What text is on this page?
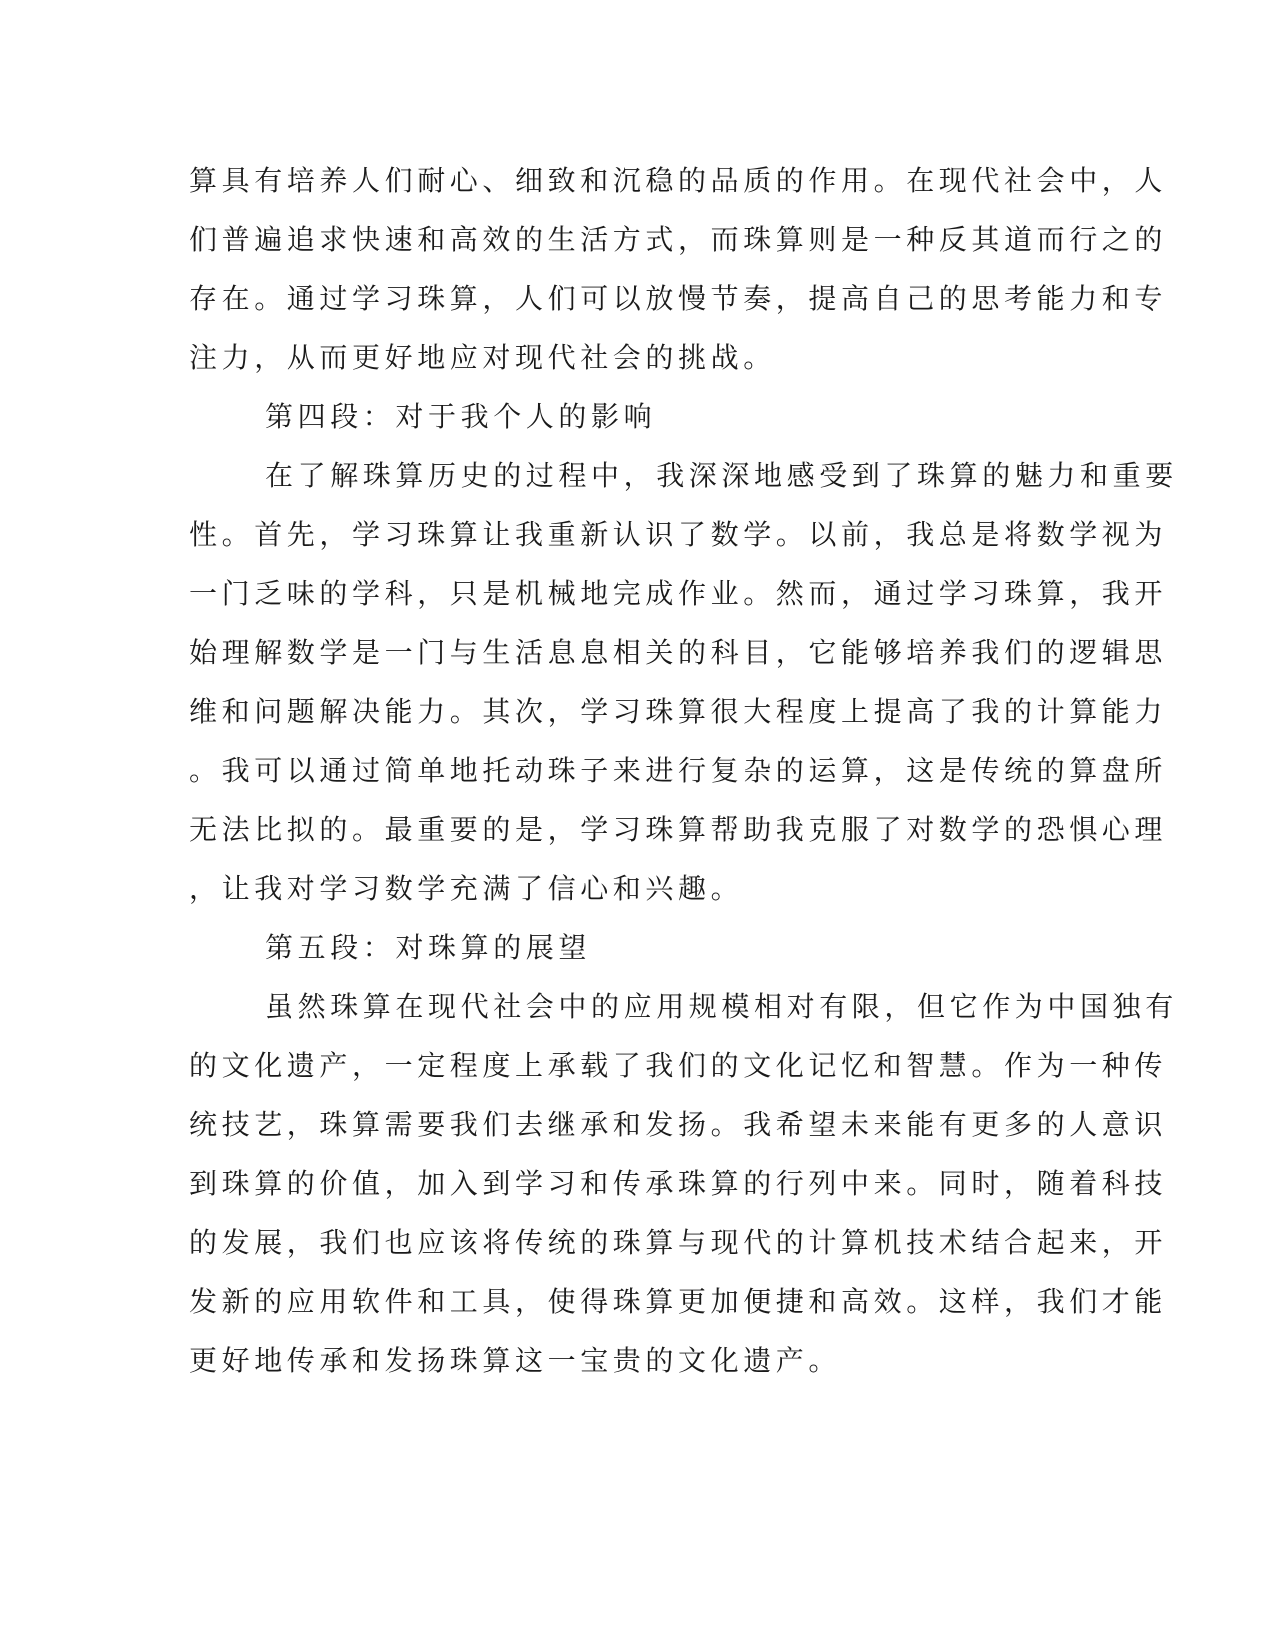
算具有培养人们耐心、细致和沉稳的品质的作用。在现代社会中，人
们普遍追求快速和高效的生活方式，而珠算则是一种反其道而行之的
存在。通过学习珠算，人们可以放慢节奏，提高自己的思考能力和专
注力，从而更好地应对现代社会的挑战。
第四段：对于我个人的影响
在了解珠算历史的过程中，我深深地感受到了珠算的魅力和重要
性。首先，学习珠算让我重新认识了数学。以前，我总是将数学视为
一门乏味的学科，只是机械地完成作业。然而，通过学习珠算，我开
始理解数学是一门与生活息息相关的科目，它能够培养我们的逻辑思
维和问题解决能力。其次，学习珠算很大程度上提高了我的计算能力
。我可以通过简单地托动珠子来进行复杂的运算，这是传统的算盘所
无法比拟的。最重要的是，学习珠算帮助我克服了对数学的恐惧心理
，让我对学习数学充满了信心和兴趣。
第五段：对珠算的展望
虽然珠算在现代社会中的应用规模相对有限，但它作为中国独有
的文化遗产，一定程度上承载了我们的文化记忆和智慧。作为一种传
统技艺，珠算需要我们去继承和发扬。我希望未来能有更多的人意识
到珠算的价值，加入到学习和传承珠算的行列中来。同时，随着科技
的发展，我们也应该将传统的珠算与现代的计算机技术结合起来，开
发新的应用软件和工具，使得珠算更加便捷和高效。这样，我们才能
更好地传承和发扬珠算这一宝贵的文化遗产。
